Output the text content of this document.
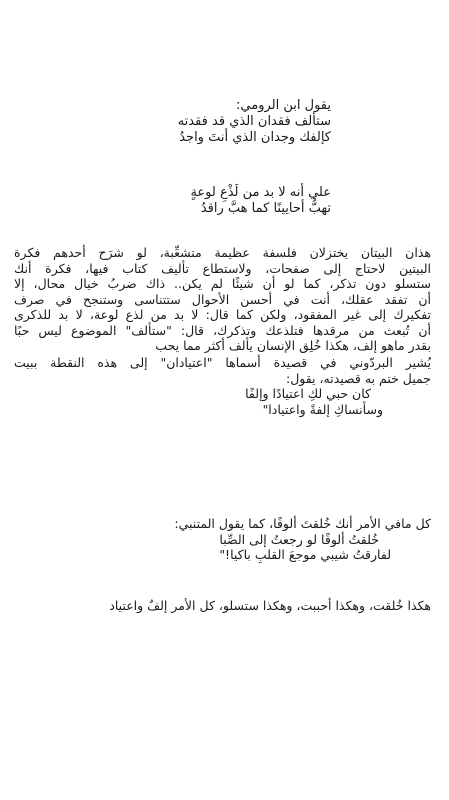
يقول ابن الرومي:
ستألف فقدان الذي قد فقدته
كإلفك وجدان الذي أنتَ واجدُ
علي أنه لا بد من لَذْعِ لوعةٍ
تهبُّ أحايينًا كما هبَّ راقدُ
هذان البيتان يختزلان فلسفة عظيمة متشعِّبة، لو شرَح أحدهم فكرة
البيتين لاحتاج إلى صفحات، ولاستطاع تأليف كتاب فيها، فكرة أنك
ستسلو دون تذكر، كما لو أن شيئًا لم يكن.. ذاك ضربُ خيال محال، إلا
أن تفقد عقلك، أنت في أحسن الأحوال ستتناسى وستنجح في صرف
تفكيرك إلى غير المفقود، ولكن كما قال: لا بد من لذع لوعة، لا بد للذكرى
أن تُبعث من مرقدها فتلذعك وتذكرك، قال: "ستألف" الموضوع ليس حبًا
بقدر ماهو إلف، هكذا خُلِق الإنسان يألف أكثر مما يحب
يُشير البردّوني في قصيدة أسماها "اعتيادان" إلى هذه النقطة ببيت
جميل ختم به قصيدته، يقول:
كان حبي لكِ اعتيادًا وإلفًا
وسأنساكِ إلفةً واعتيادا"
كل مافي الأمر أنك خُلقتَ ألوفًا، كما يقول المتنبي:
خُلقتُ ألوفًا لو رجعتُ إلى الصِّبا
لفارقتُ شيبي موجعَ القلبِ باكيا!"
هكذا خُلقت، وهكذا أحببت، وهكذا ستسلو، كل الأمر إلفٌ واعتياد
